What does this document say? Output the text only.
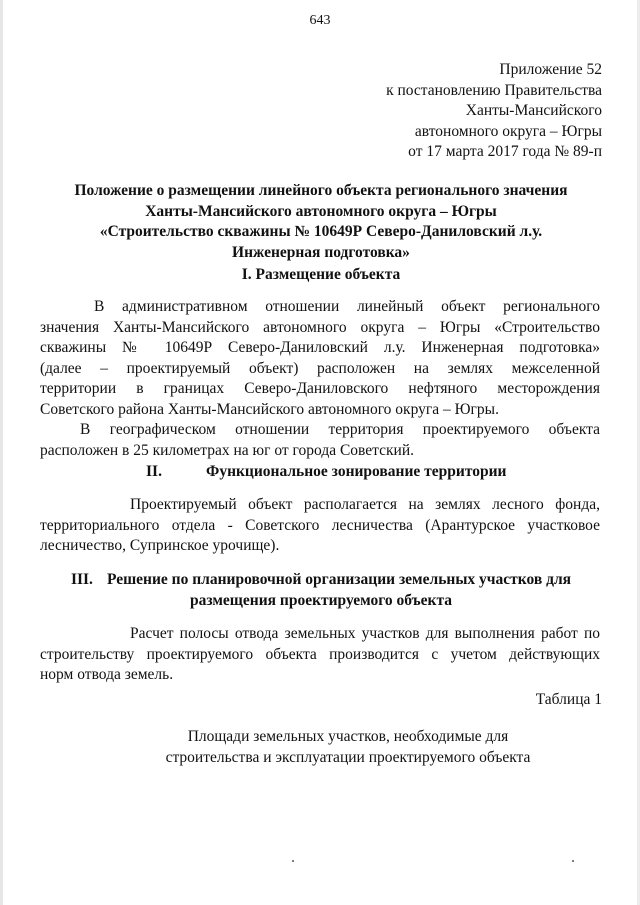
643
Приложение 52
к постановлению Правительства
Ханты-Мансийского
автономного округа – Югры
от 17 марта 2017 года № 89-п
Положение о размещении линейного объекта регионального значения
Ханты-Мансийского автономного округа – Югры
«Строительство скважины № 10649Р Северо-Даниловский л.у.
Инженерная подготовка»
I. Размещение объекта
В административном отношении линейный объект регионального
значения Ханты-Мансийского автономного округа – Югры «Строительство
скважины № 10649Р Северо-Даниловский л.у. Инженерная подготовка»
(далее – проектируемый объект) расположен на землях межселенной
территории в границах Северо-Даниловского нефтяного месторождения
Советского района Ханты-Мансийского автономного округа – Югры.
В географическом отношении территория проектируемого объекта
расположен в 25 километрах на юг от города Советский.
II.	Функциональное зонирование территории
Проектируемый объект располагается на землях лесного фонда,
территориального отдела - Советского лесничества (Арантурское участковое
лесничество, Супринское урочище).
III. Решение по планировочной организации земельных участков для
размещения проектируемого объекта
Расчет полосы отвода земельных участков для выполнения работ по
строительству проектируемого объекта производится с учетом действующих
норм отвода земель.
Таблица 1
Площади земельных участков, необходимые для
строительства и эксплуатации проектируемого объекта
